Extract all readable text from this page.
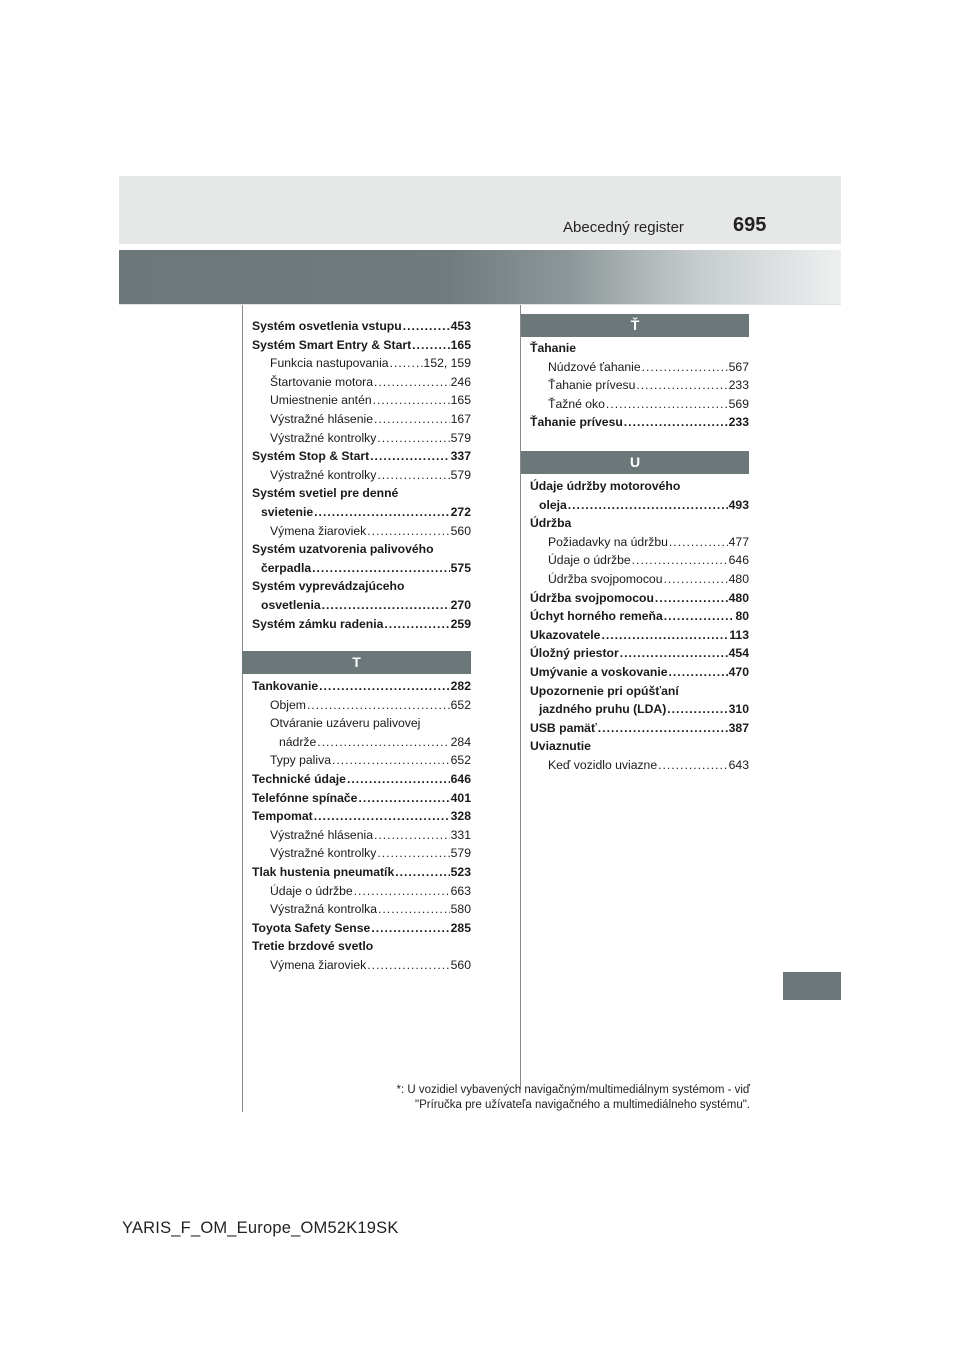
Abecedný register 695
Systém osvetlenia vstupu .....	453
Systém Smart Entry & Start .....	165
Funkcia nastupovania .....	152, 159
Štartovanie motora .....	246
Umiestnenie antén .....	165
Výstražné hlásenie .....	167
Výstražné kontrolky .....	579
Systém Stop & Start .....	337
Výstražné kontrolky .....	579
Systém svetiel pre denné
svietenie .....	272
Výmena žiaroviek .....	560
Systém uzatvorenia palivového
čerpadla .....	575
Systém vyprevádzajúceho
osvetlenia .....	270
Systém zámku radenia .....	259
T
Tankovanie .....	282
Objem .....	652
Otváranie uzáveru palivovej
nádrže .....	284
Typy paliva .....	652
Technické údaje .....	646
Telefónne spínače .....	401
Tempomat .....	328
Výstražné hlásenia .....	331
Výstražné kontrolky .....	579
Tlak hustenia pneumatík .....	523
Údaje o údržbe .....	663
Výstražná kontrolka .....	580
Toyota Safety Sense .....	285
Tretie brzdové svetlo
Výmena žiaroviek .....	560
Ť
Ťahanie
Núdzové ťahanie .....	567
Ťahanie prívesu .....	233
Ťažné oko .....	569
Ťahanie prívesu .....	233
U
Údaje údržby motorového
oleja .....	493
Údržba
Požiadavky na údržbu .....	477
Údaje o údržbe .....	646
Údržba svojpomocou .....	480
Údržba svojpomocou .....	480
Úchyt horného remeňa .....	80
Ukazovatele .....	113
Úložný priestor .....	454
Umývanie a voskovanie .....	470
Upozornenie pri opúšťaní
jazdného pruhu (LDA) .....	310
USB pamäť .....	387
Uviaznutie
Keď vozidlo uviazne .....	643
*: U vozidiel vybavených navigačným/multimediálnym systémom - viď
"Príručka pre užívateľa navigačného a multimediálneho systému".
YARIS_F_OM_Europe_OM52K19SK
